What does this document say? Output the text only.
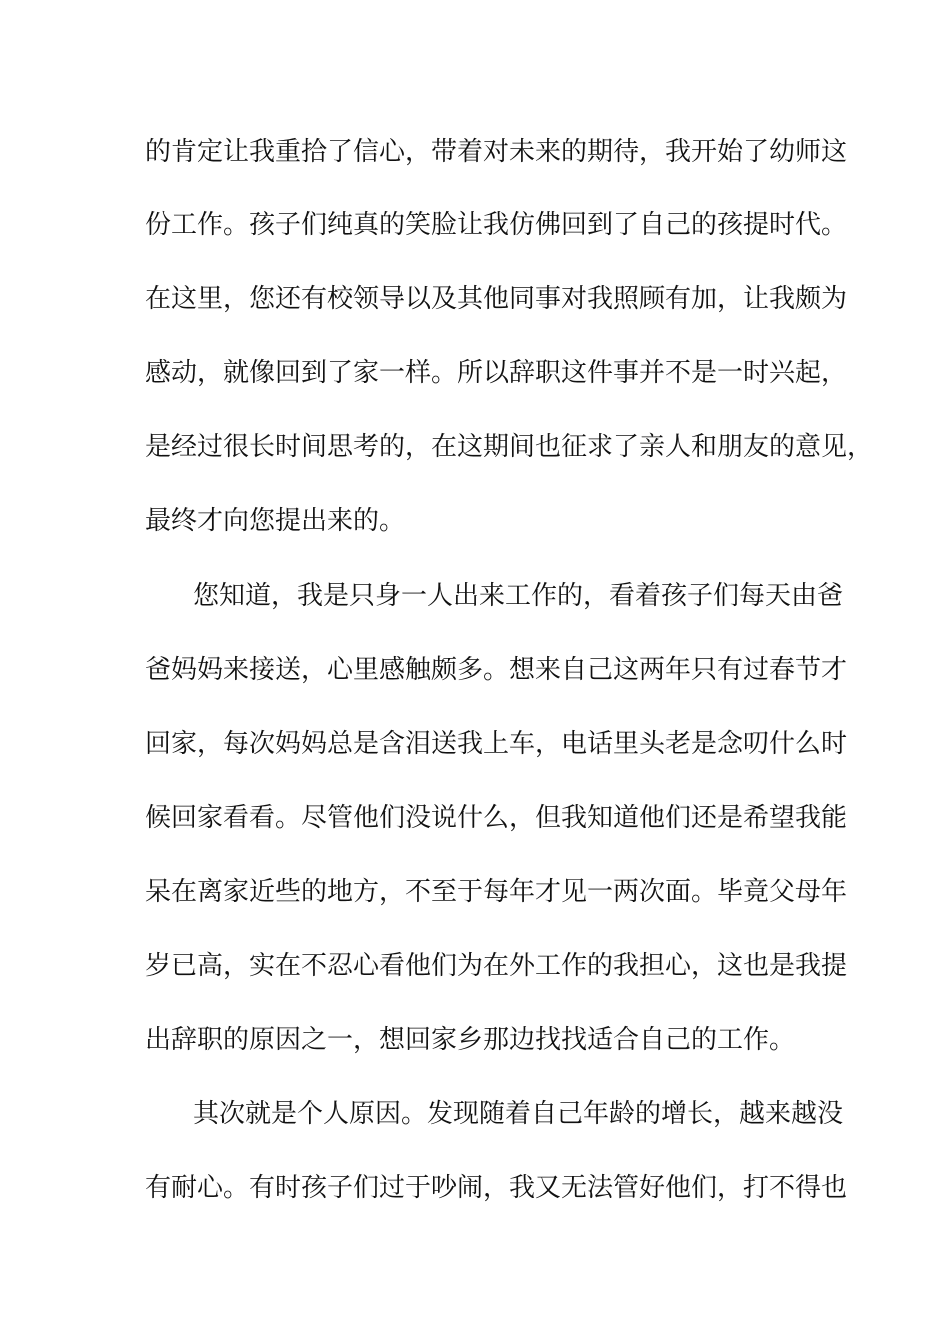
的肯定让我重拾了信心，带着对未来的期待，我开始了幼师这
份工作。孩子们纯真的笑脸让我仿佛回到了自己的孩提时代。
在这里，您还有校领导以及其他同事对我照顾有加，让我颇为
感动，就像回到了家一样。所以辞职这件事并不是一时兴起，
是经过很长时间思考的，在这期间也征求了亲人和朋友的意见，
最终才向您提出来的。
您知道，我是只身一人出来工作的，看着孩子们每天由爸
爸妈妈来接送，心里感触颇多。想来自己这两年只有过春节才
回家，每次妈妈总是含泪送我上车，电话里头老是念叨什么时
候回家看看。尽管他们没说什么，但我知道他们还是希望我能
呆在离家近些的地方，不至于每年才见一两次面。毕竟父母年
岁已高，实在不忍心看他们为在外工作的我担心，这也是我提
出辞职的原因之一，想回家乡那边找找适合自己的工作。
其次就是个人原因。发现随着自己年龄的增长，越来越没
有耐心。有时孩子们过于吵闹，我又无法管好他们，打不得也
